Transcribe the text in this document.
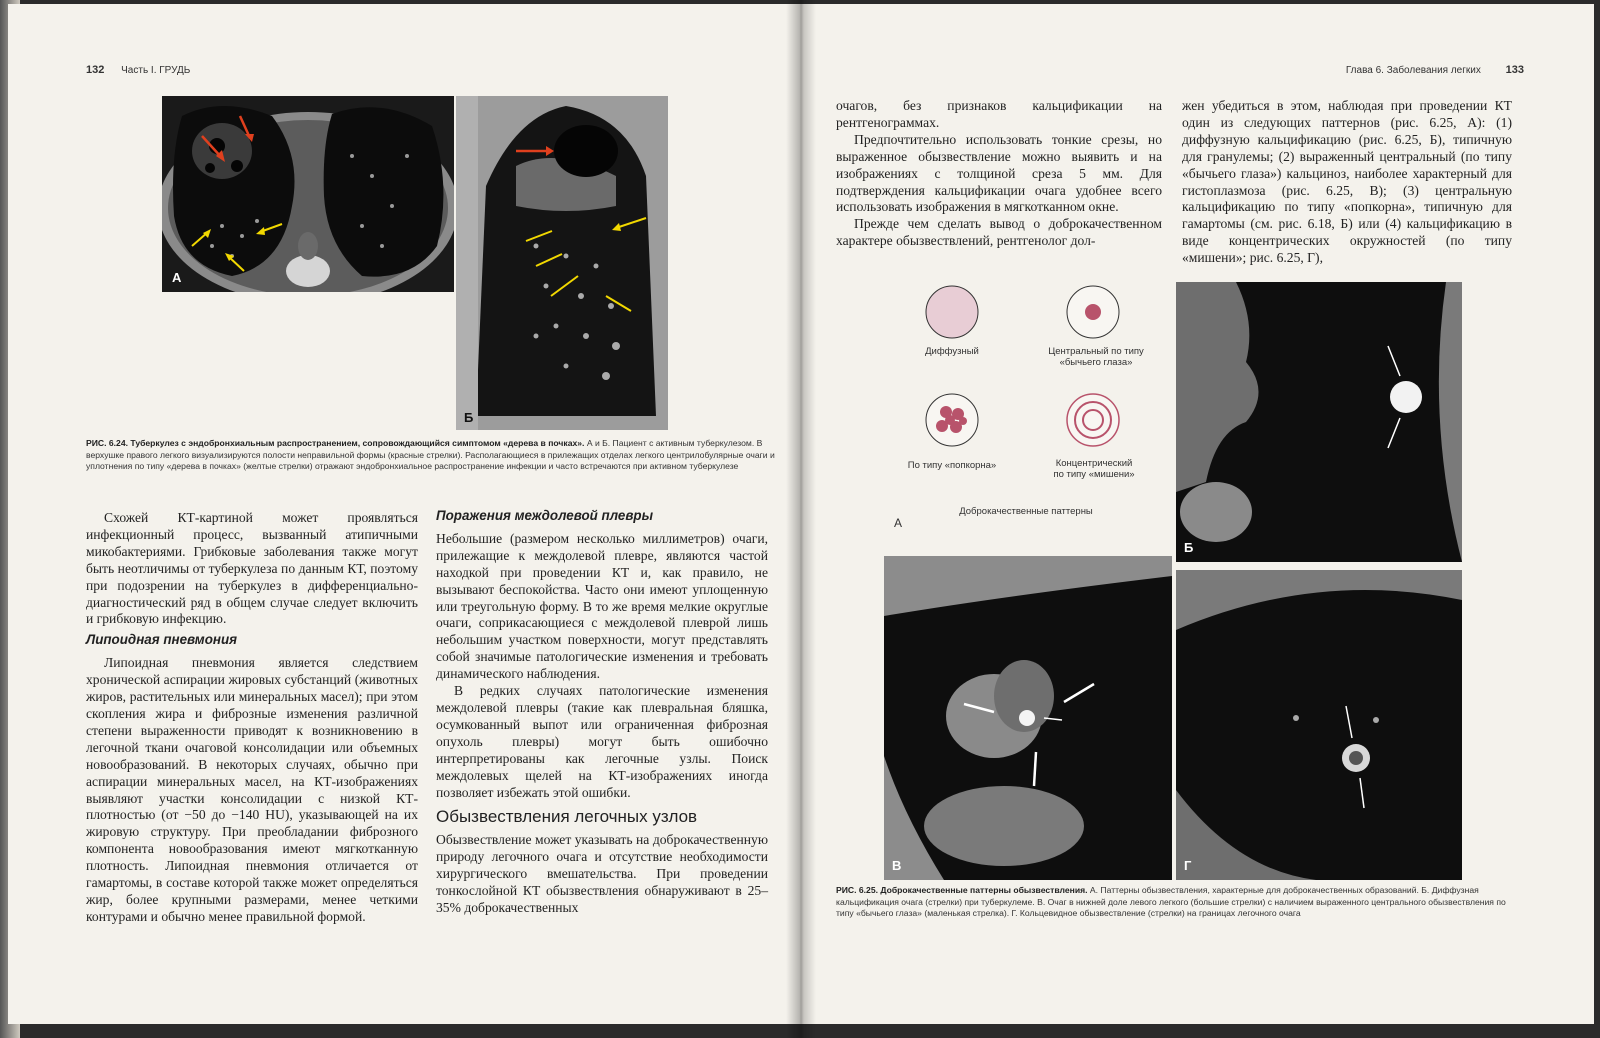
132 Часть I. ГРУДЬ
A
Б
РИС. 6.24. Туберкулез с эндобронхиальным распространением, сопровождающийся симптомом «дерева в почках». А и Б. Пациент с активным туберкулезом. В верхушке правого легкого визуализируются полости неправильной формы (красные стрелки). Располагающиеся в прилежащих отделах легкого центрилобулярные очаги и уплотнения по типу «дерева в почках» (желтые стрелки) отражают эндобронхиальное распространение инфекции и часто встречаются при активном туберкулезе

Схожей КТ-картиной может проявляться инфекционный процесс, вызванный атипичными микобактериями. Грибковые заболевания также могут быть неотличимы от туберкулеза по данным КТ, поэтому при подозрении на туберкулез в дифференциально-диагностический ряд в общем случае следует включить и грибковую инфекцию.

Липоидная пневмония

Липоидная пневмония является следствием хронической аспирации жировых субстанций (животных жиров, растительных или минеральных масел); при этом скопления жира и фиброзные изменения различной степени выраженности приводят к возникновению в легочной ткани очаговой консолидации или объемных новообразований. В некоторых случаях, обычно при аспирации минеральных масел, на КТ-изображениях выявляют участки консолидации с низкой КТ-плотностью (от −50 до −140 HU), указывающей на их жировую структуру. При преобладании фиброзного компонента новообразования имеют мягкотканную плотность. Липоидная пневмония отличается от гамартомы, в составе которой также может определяться жир, более крупными размерами, менее четкими контурами и обычно менее правильной формой.

Поражения междолевой плевры

Небольшие (размером несколько миллиметров) очаги, прилежащие к междолевой плевре, являются частой находкой при проведении КТ и, как правило, не вызывают беспокойства. Часто они имеют уплощенную или треугольную форму. В то же время мелкие округлые очаги, соприкасающиеся с междолевой плеврой лишь небольшим участком поверхности, могут представлять собой значимые патологические изменения и требовать динамического наблюдения.

В редких случаях патологические изменения междолевой плевры (такие как плевральная бляшка, осумкованный выпот или ограниченная фиброзная опухоль плевры) могут быть ошибочно интерпретированы как легочные узлы. Поиск междолевых щелей на КТ-изображениях иногда позволяет избежать этой ошибки.

Обызвествления легочных узлов

Обызвествление может указывать на доброкачественную природу легочного очага и отсутствие необходимости хирургического вмешательства. При проведении тонкослойной КТ обызвествления обнаруживают в 25–35% доброкачественных

Глава 6. Заболевания легких 133

очагов, без признаков кальцификации на рентгенограммах.

Предпочтительно использовать тонкие срезы, но выраженное обызвествление можно выявить и на изображениях с толщиной среза 5 мм. Для подтверждения кальцификации очага удобнее всего использовать изображения в мягкотканном окне.

Прежде чем сделать вывод о доброкачественном характере обызвествлений, рентгенолог дол-

жен убедиться в этом, наблюдая при проведении КТ один из следующих паттернов (рис. 6.25, А): (1) диффузную кальцификацию (рис. 6.25, Б), типичную для гранулемы; (2) выраженный центральный (по типу «бычьего глаза») кальциноз, наиболее характерный для гистоплазмоза (рис. 6.25, В); (3) центральную кальцификацию по типу «попкорна», типичную для гамартомы (см. рис. 6.18, Б) или (4) кальцификацию в виде концентрических окружностей (по типу «мишени»; рис. 6.25, Г),

Диффузный	Центральный по типу
«бычьего глаза»
По типу «попкорна»	Концентрический
по типу «мишени»
Доброкачественные паттерны
А
Б
В	Г
РИС. 6.25. Доброкачественные паттерны обызвествления. А. Паттерны обызвествления, характерные для доброкачественных образований. Б. Диффузная кальцификация очага (стрелки) при туберкулеме. В. Очаг в нижней доле левого легкого (большие стрелки) с наличием выраженного центрального обызвествления по типу «бычьего глаза» (маленькая стрелка). Г. Кольцевидное обызвествление (стрелки) на границах легочного очага
